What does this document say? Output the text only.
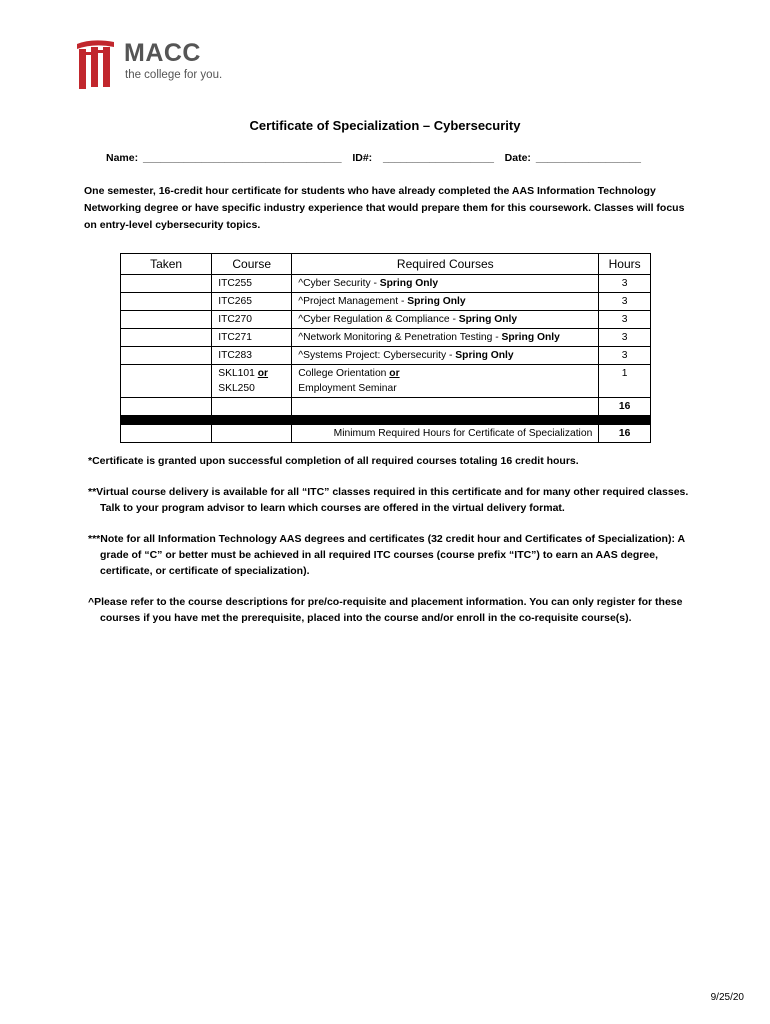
MACC
the college for you.
Certificate of Specialization – Cybersecurity
Name: __________________________________ ID#: ___________________ Date: __________________
One semester, 16-credit hour certificate for students who have already completed the AAS Information Technology Networking degree or have specific industry experience that would prepare them for this coursework. Classes will focus on entry-level cybersecurity topics.
Taken	Course	Required Courses	Hours
	ITC255	^Cyber Security - Spring Only	3
	ITC265	^Project Management - Spring Only	3
	ITC270	^Cyber Regulation & Compliance - Spring Only	3
	ITC271	^Network Monitoring & Penetration Testing - Spring Only	3
	ITC283	^Systems Project: Cybersecurity - Spring Only	3
	SKL101 or
SKL250	College Orientation or
Employment Seminar	1
			16

		Minimum Required Hours for Certificate of Specialization	16

*Certificate is granted upon successful completion of all required courses totaling 16 credit hours.

**Virtual course delivery is available for all “ITC” classes required in this certificate and for many other required classes. Talk to your program advisor to learn which courses are offered in the virtual delivery format.

***Note for all Information Technology AAS degrees and certificates (32 credit hour and Certificates of Specialization): A grade of “C” or better must be achieved in all required ITC courses (course prefix “ITC”) to earn an AAS degree, certificate, or certificate of specialization).

^Please refer to the course descriptions for pre/co-requisite and placement information. You can only register for these courses if you have met the prerequisite, placed into the course and/or enroll in the co-requisite course(s).

9/25/20
